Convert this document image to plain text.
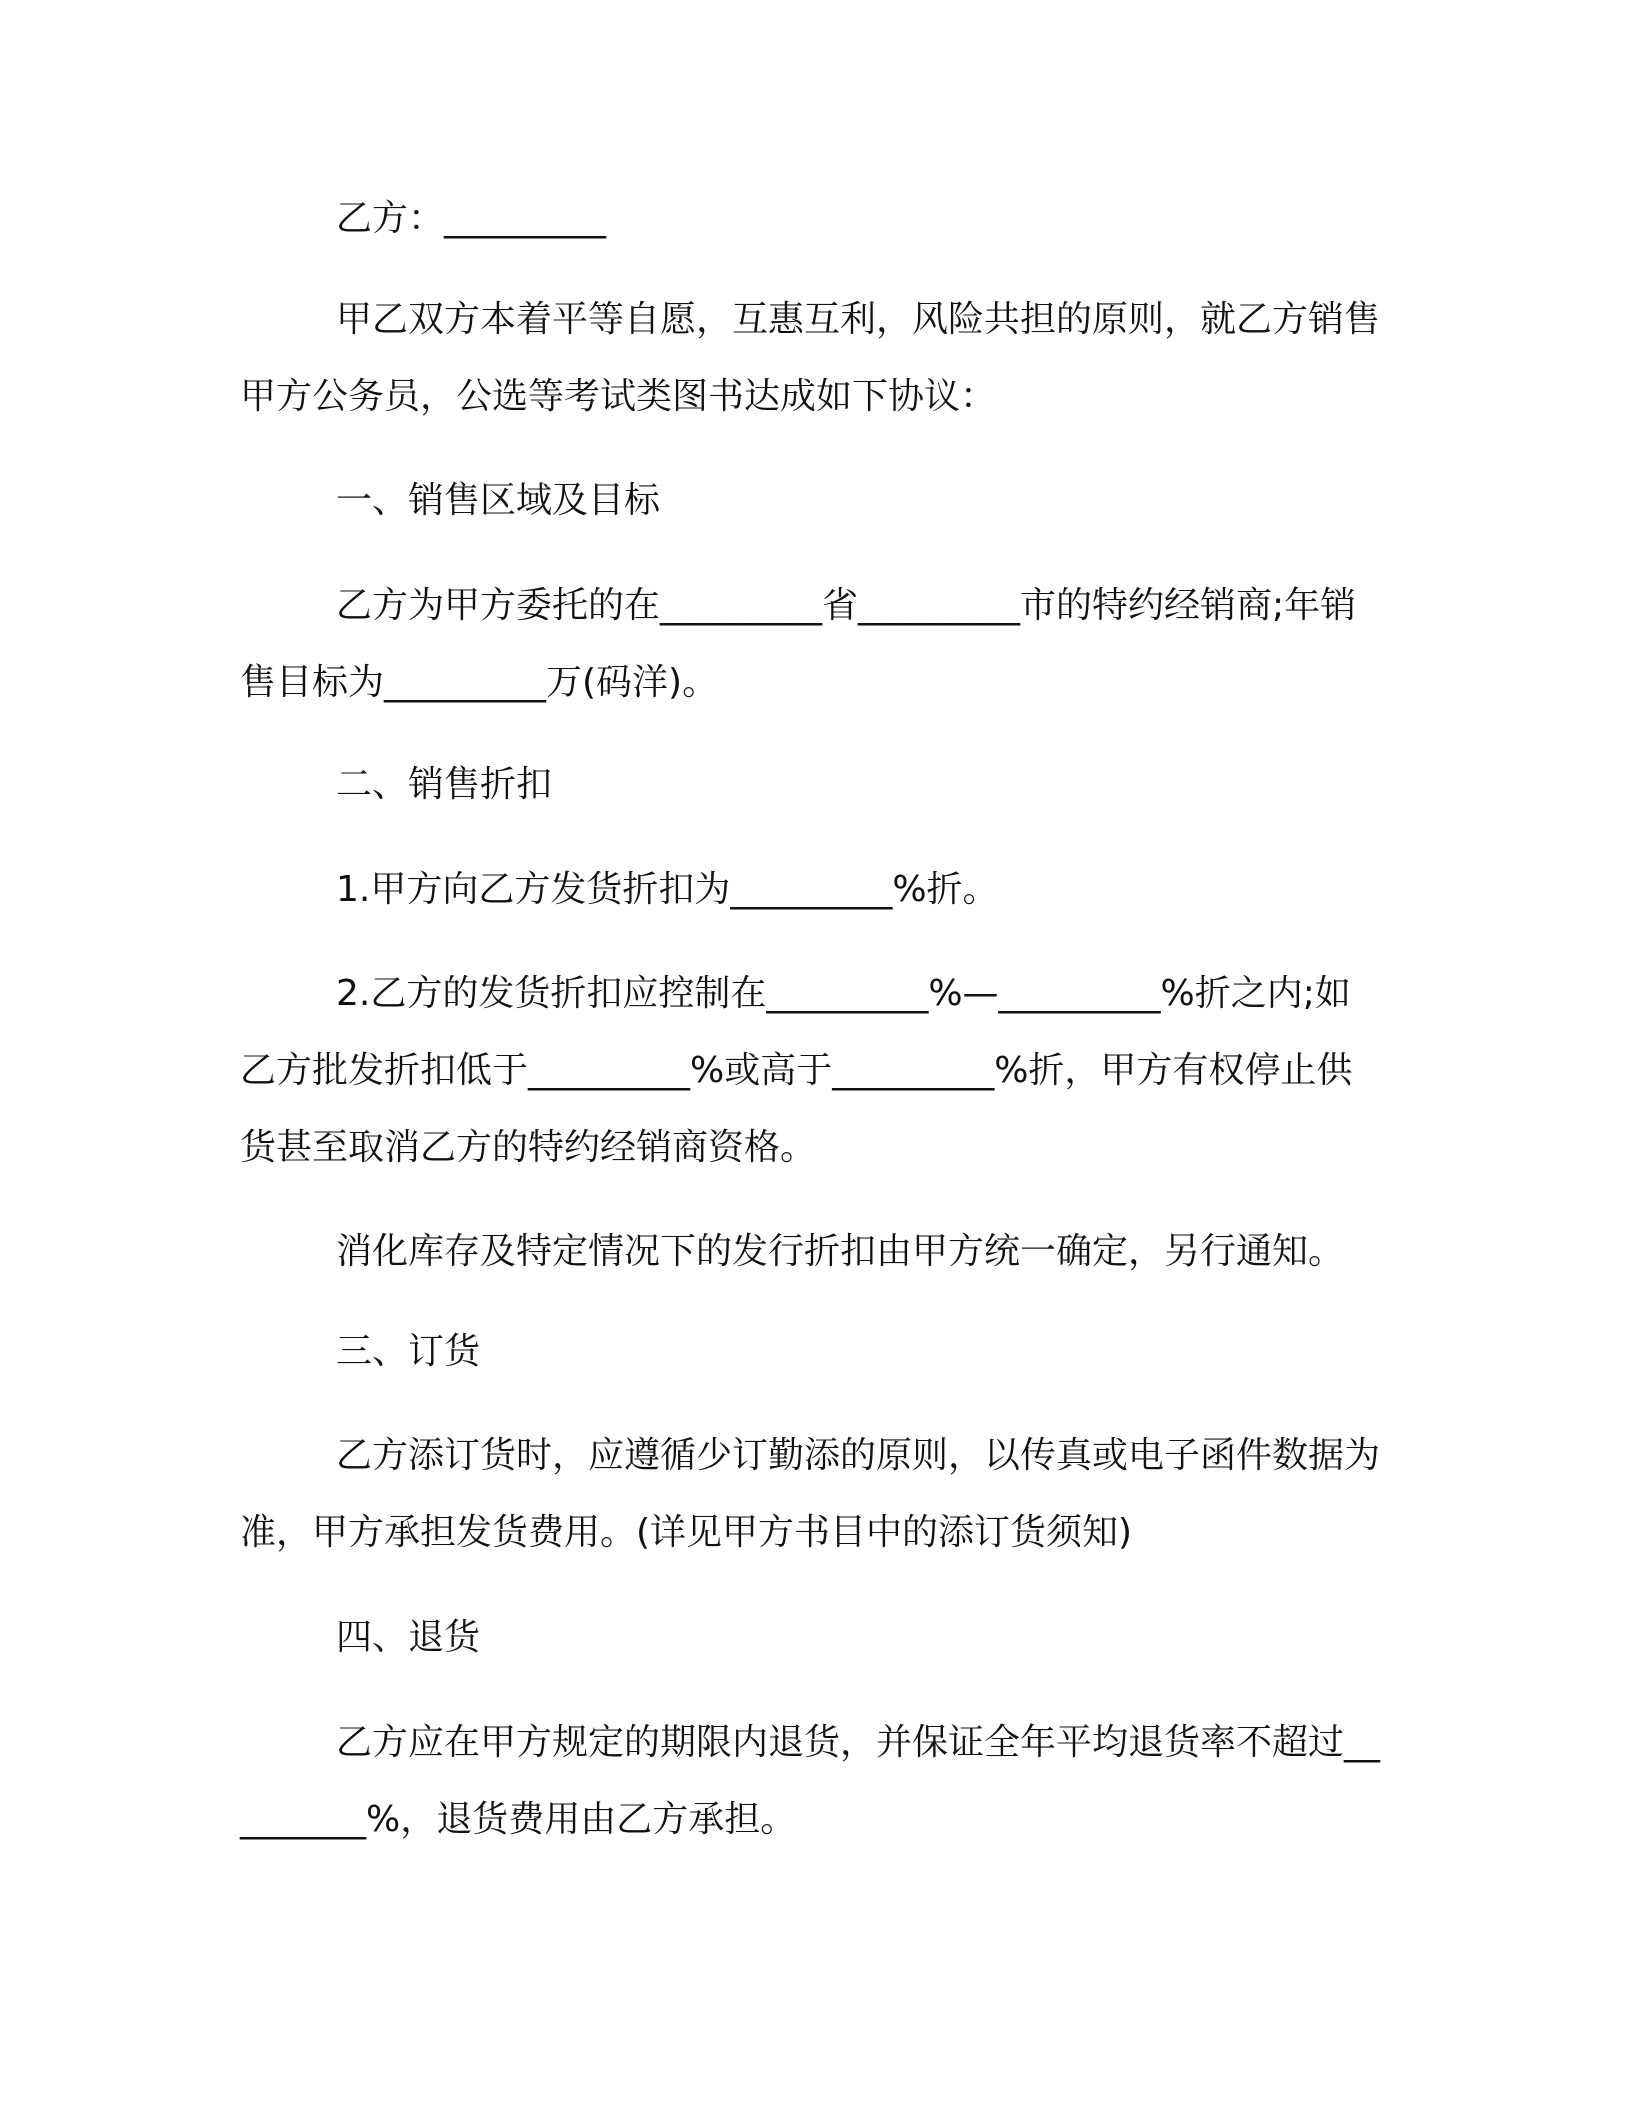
乙方：_________

甲乙双方本着平等自愿，互惠互利，风险共担的原则，就乙方销售甲方公务员，公选等考试类图书达成如下协议：

一、销售区域及目标

乙方为甲方委托的在_________省_________市的特约经销商;年销售目标为_________万(码洋)。

二、销售折扣

1.甲方向乙方发货折扣为_________%折。

2.乙方的发货折扣应控制在_________%—_________%折之内;如乙方批发折扣低于_________%或高于_________%折，甲方有权停止供货甚至取消乙方的特约经销商资格。

消化库存及特定情况下的发行折扣由甲方统一确定，另行通知。

三、订货

乙方添订货时，应遵循少订勤添的原则，以传真或电子函件数据为准，甲方承担发货费用。(详见甲方书目中的添订货须知)

四、退货

乙方应在甲方规定的期限内退货，并保证全年平均退货率不超过_________%，退货费用由乙方承担。
